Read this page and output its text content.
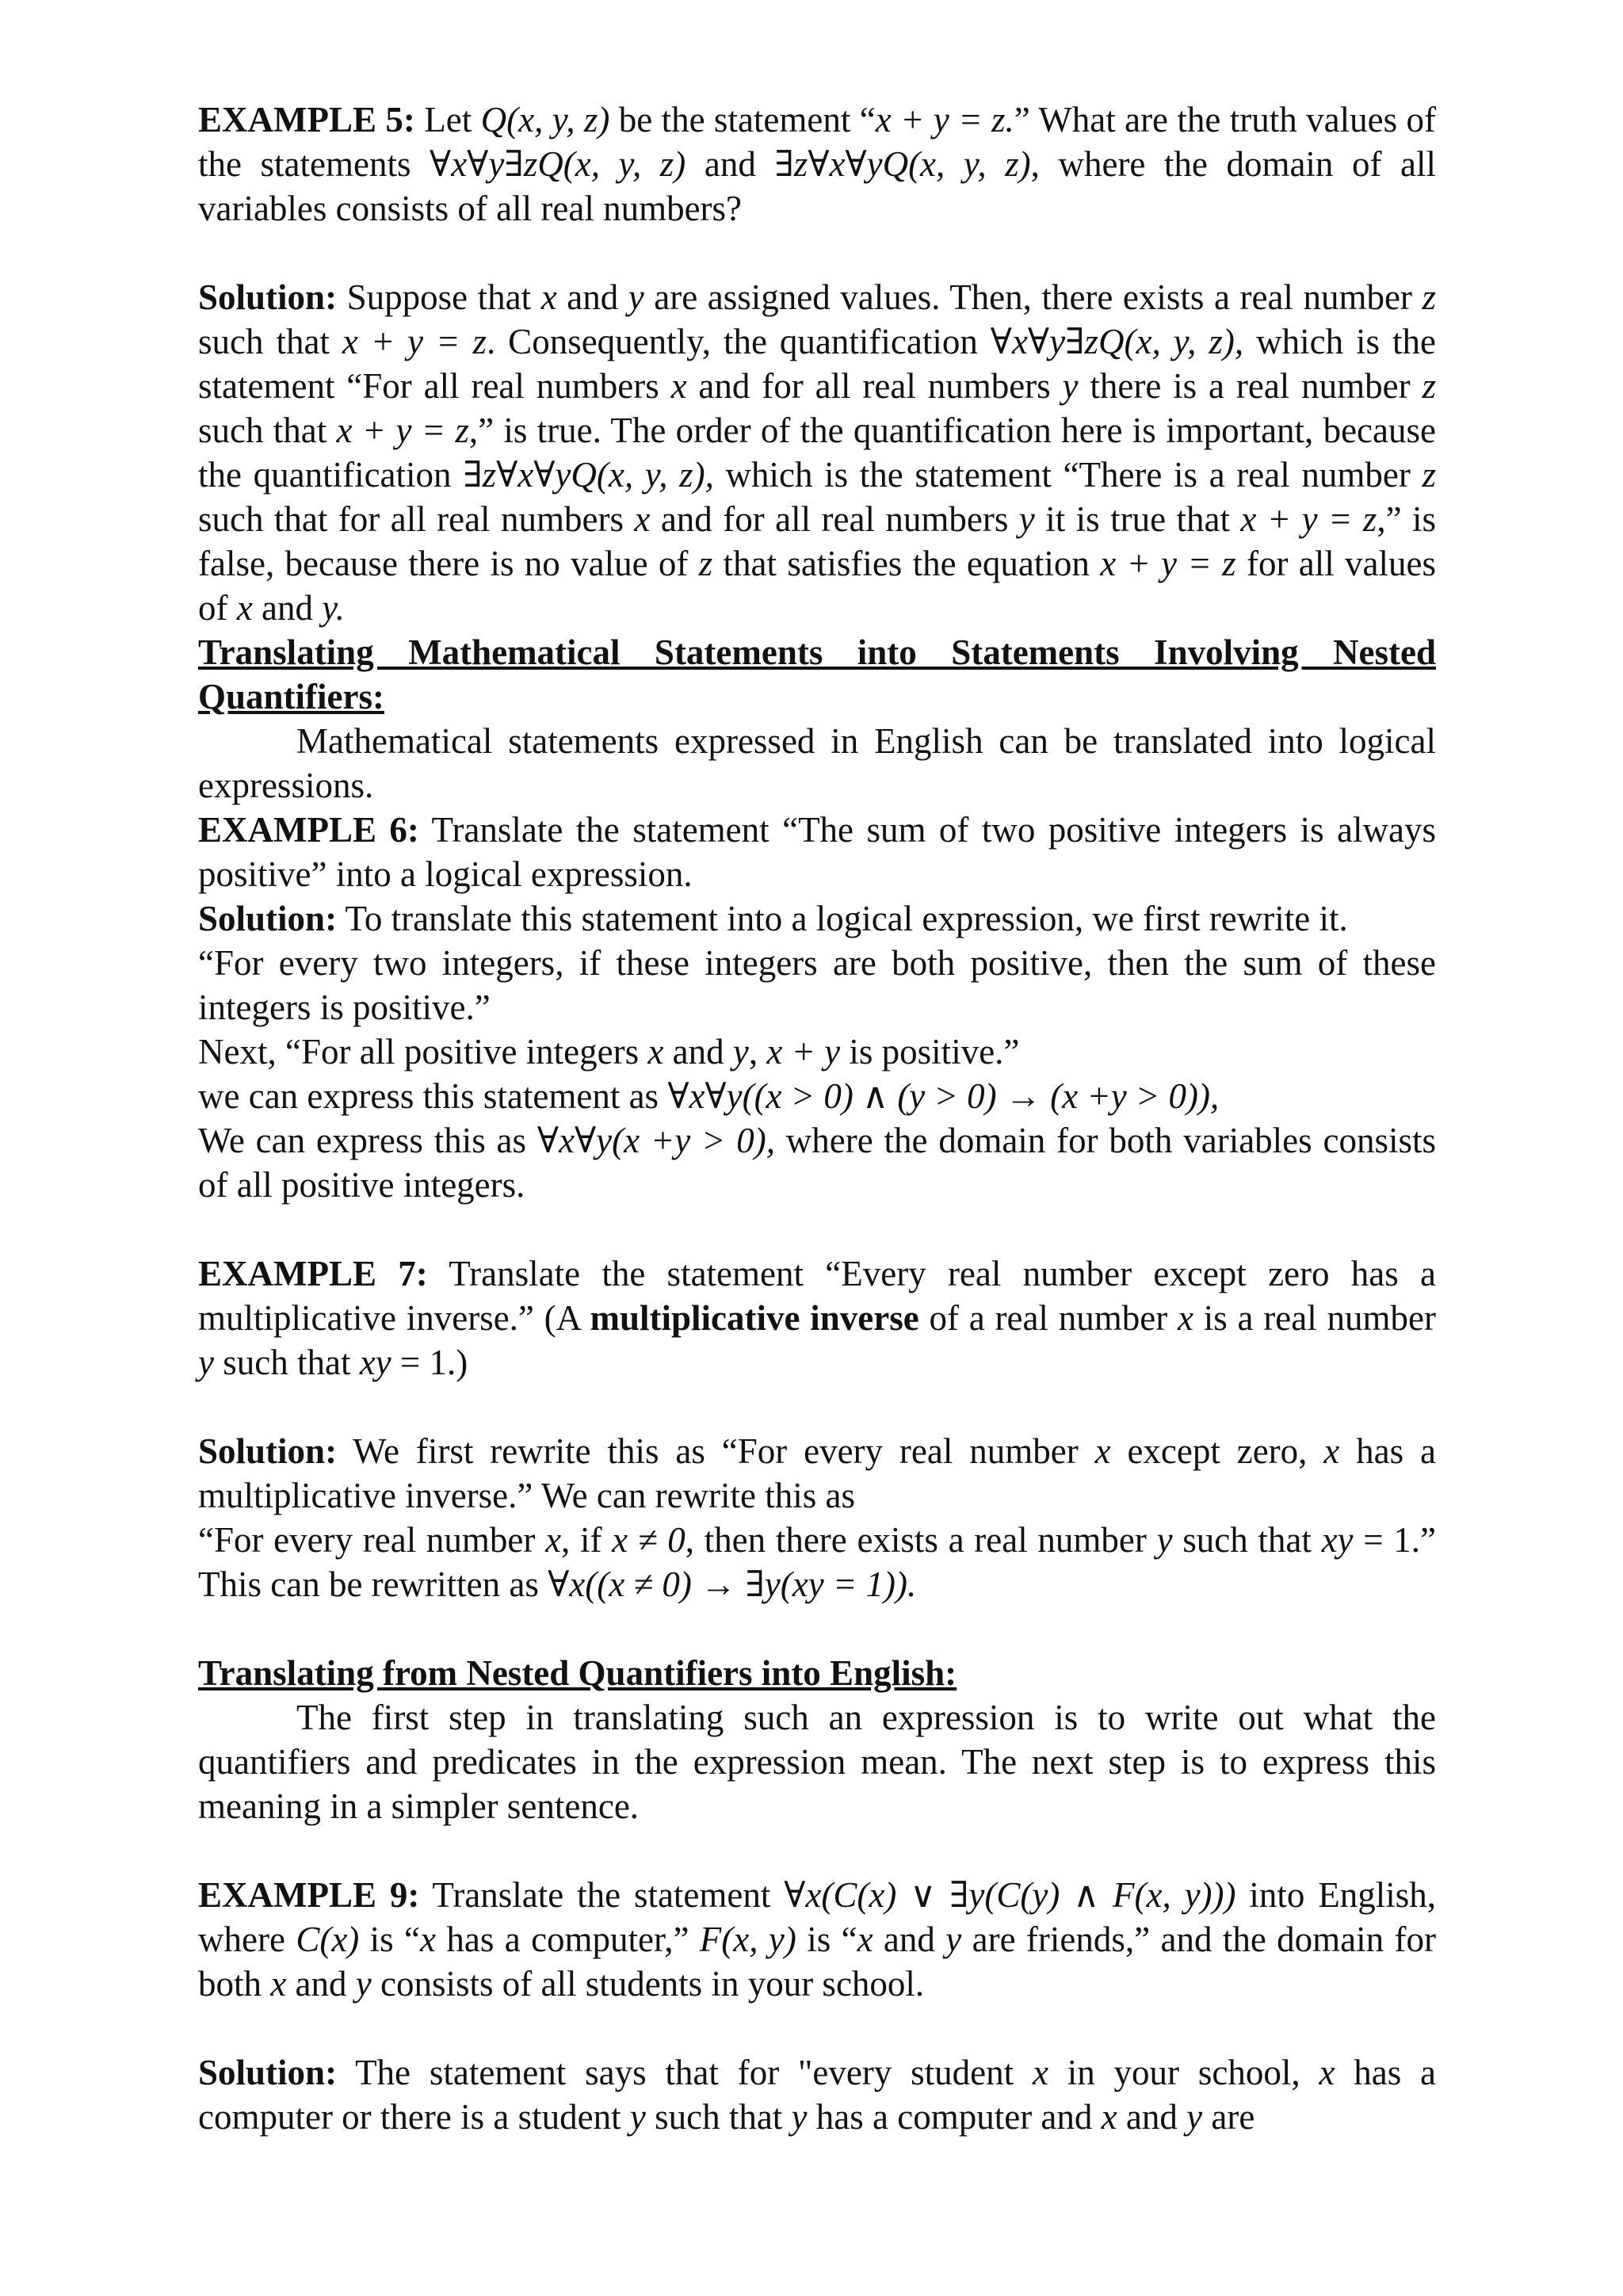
EXAMPLE 5: Let Q(x, y, z) be the statement “x + y = z.” What are the truth values of the statements ∀x∀y∃zQ(x, y, z) and ∃z∀x∀yQ(x, y, z), where the domain of all variables consists of all real numbers?

Solution: Suppose that x and y are assigned values. Then, there exists a real number z such that x + y = z. Consequently, the quantification ∀x∀y∃zQ(x, y, z), which is the statement “For all real numbers x and for all real numbers y there is a real number z such that x + y = z,” is true. The order of the quantification here is important, because the quantification ∃z∀x∀yQ(x, y, z), which is the statement “There is a real number z such that for all real numbers x and for all real numbers y it is true that x + y = z,” is false, because there is no value of z that satisfies the equation x + y = z for all values of x and y.

Translating Mathematical Statements into Statements Involving Nested Quantifiers:

Mathematical statements expressed in English can be translated into logical expressions.

EXAMPLE 6: Translate the statement “The sum of two positive integers is always positive” into a logical expression.

Solution: To translate this statement into a logical expression, we first rewrite it.

“For every two integers, if these integers are both positive, then the sum of these integers is positive.”

Next, “For all positive integers x and y, x + y is positive.”

we can express this statement as ∀x∀y((x > 0) ∧ (y > 0) → (x +y > 0)),

We can express this as ∀x∀y(x +y > 0), where the domain for both variables consists of all positive integers.

EXAMPLE 7: Translate the statement “Every real number except zero has a multiplicative inverse.” (A multiplicative inverse of a real number x is a real number y such that xy = 1.)

Solution: We first rewrite this as “For every real number x except zero, x has a multiplicative inverse.” We can rewrite this as

“For every real number x, if x ≠ 0, then there exists a real number y such that xy = 1.” This can be rewritten as ∀x((x ≠ 0) → ∃y(xy = 1)).

Translating from Nested Quantifiers into English:

The first step in translating such an expression is to write out what the quantifiers and predicates in the expression mean. The next step is to express this meaning in a simpler sentence.

EXAMPLE 9: Translate the statement ∀x(C(x) ∨ ∃y(C(y) ∧ F(x, y))) into English, where C(x) is “x has a computer,” F(x, y) is “x and y are friends,” and the domain for both x and y consists of all students in your school.

Solution: The statement says that for "every student x in your school, x has a computer or there is a student y such that y has a computer and x and y are
